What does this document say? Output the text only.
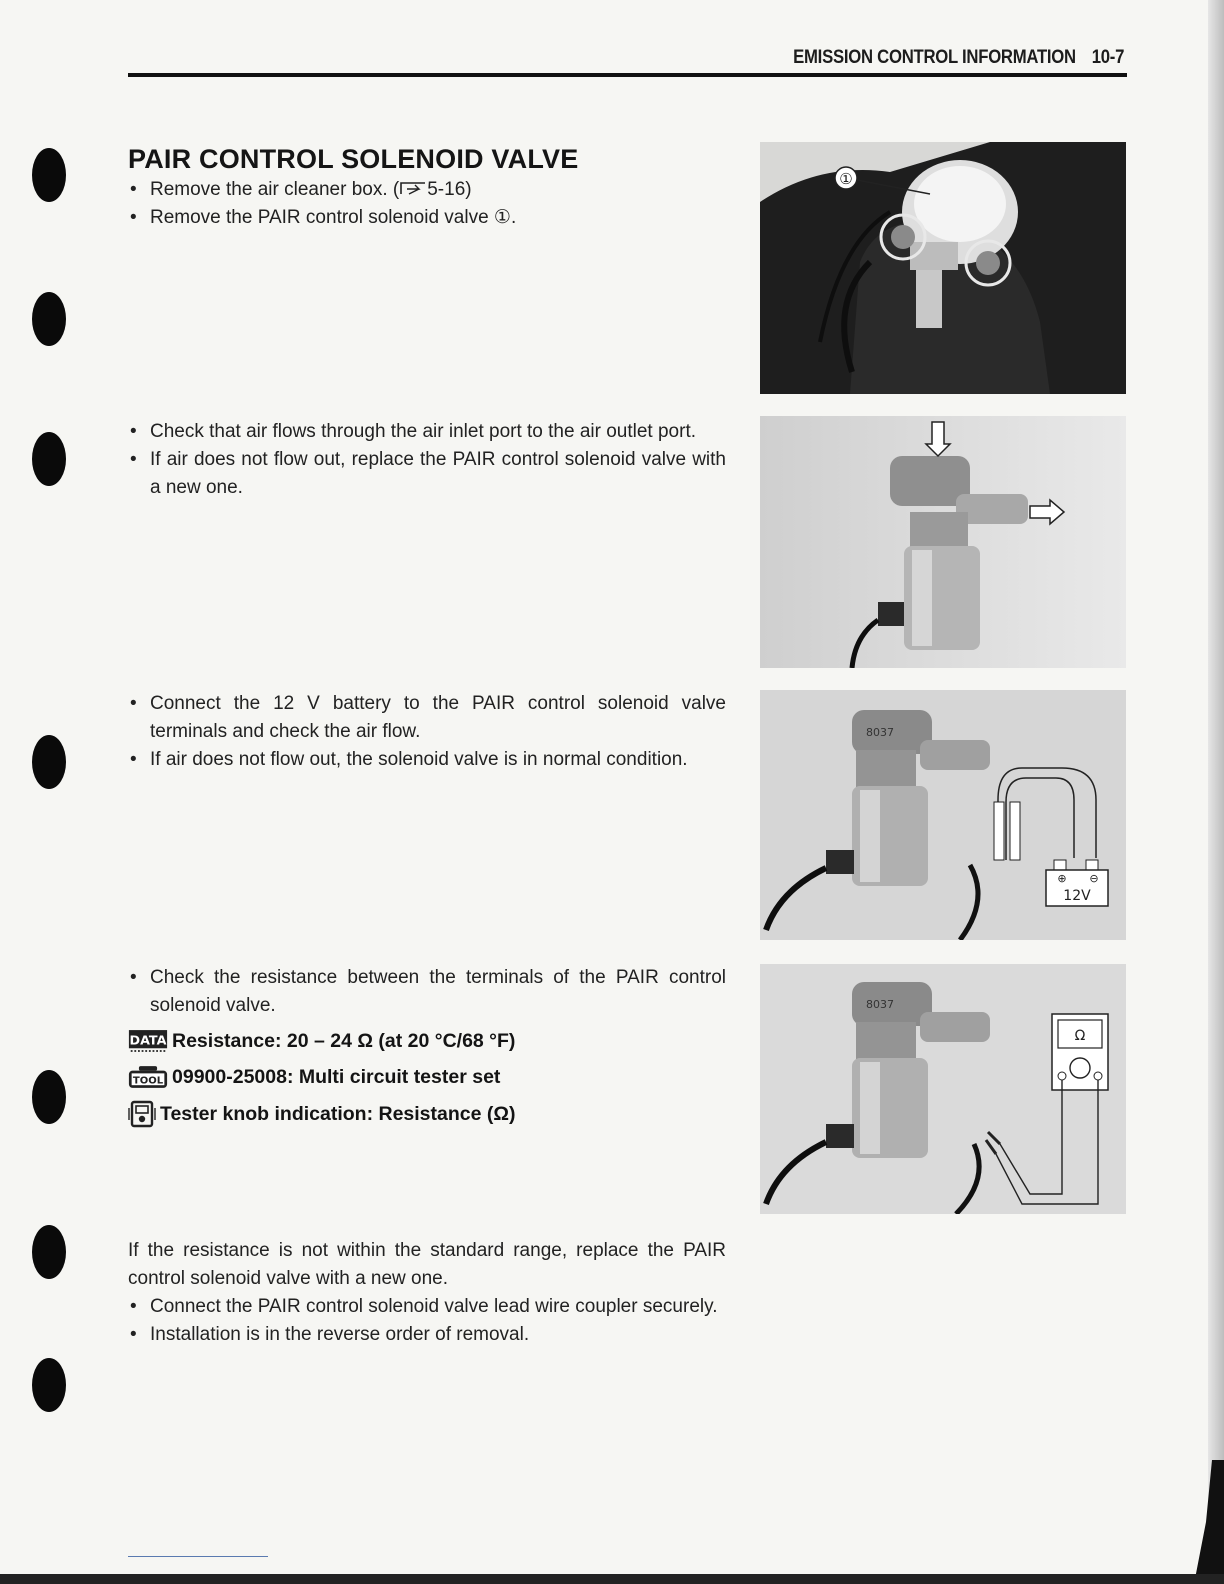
EMISSION CONTROL INFORMATION 10-7
PAIR CONTROL SOLENOID VALVE
• Remove the air cleaner box. ( 5-16)
• Remove the PAIR control solenoid valve ①.
• Check that air flows through the air inlet port to the air outlet port.
• If air does not flow out, replace the PAIR control solenoid valve with a new one.
• Connect the 12 V battery to the PAIR control solenoid valve terminals and check the air flow.
• If air does not flow out, the solenoid valve is in normal condition.
• Check the resistance between the terminals of the PAIR control solenoid valve.
DATA Resistance: 20 – 24 Ω (at 20 °C/68 °F)
TOOL 09900-25008: Multi circuit tester set
Tester knob indication: Resistance (Ω)
If the resistance is not within the standard range, replace the PAIR control solenoid valve with a new one.
• Connect the PAIR control solenoid valve lead wire coupler securely.
• Installation is in the reverse order of removal.
①
8037
⊕ ⊖
12V
8037
Ω
